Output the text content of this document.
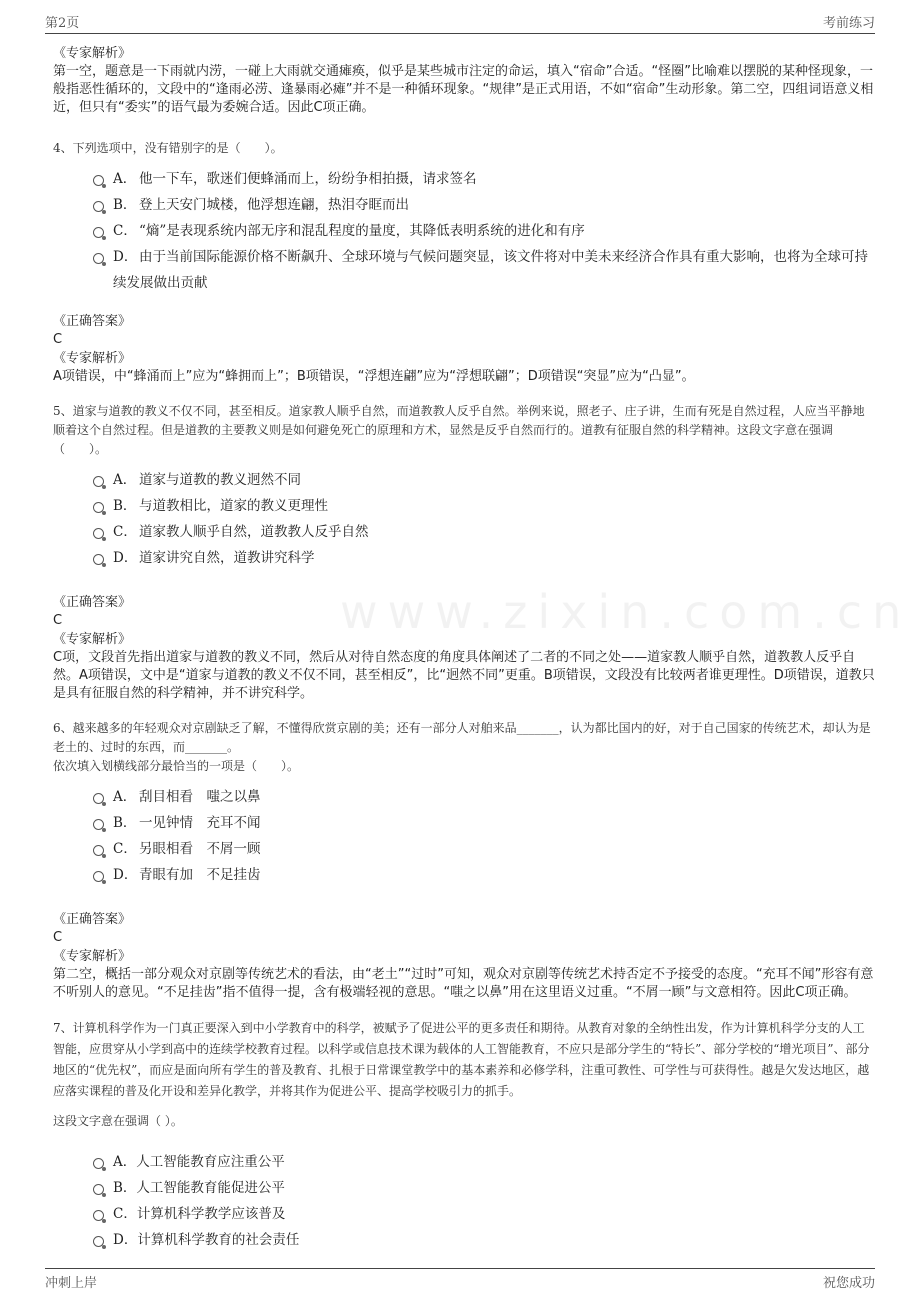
第2页	考前练习
www.zixin.com.cn

《专家解析》

第一空，题意是一下雨就内涝，一碰上大雨就交通瘫痪，似乎是某些城市注定的命运，填入“宿命”合适。“怪圈”比喻难以摆脱的某种怪现象，一般指恶性循环的，文段中的“逢雨必涝、逢暴雨必瘫”并不是一种循环现象。“规律”是正式用语，不如“宿命”生动形象。第二空，四组词语意义相近，但只有“委实”的语气最为委婉合适。因此C项正确。

4、下列选项中，没有错别字的是（　　）。

A． 他一下车，歌迷们便蜂涌而上，纷纷争相拍摄，请求签名

B． 登上天安门城楼，他浮想连翩，热泪夺眶而出

C． “熵”是表现系统内部无序和混乱程度的量度，其降低表明系统的进化和有序

D． 由于当前国际能源价格不断飙升、全球环境与气候问题突显，该文件将对中美未来经济合作具有重大影响，也将为全球可持续发展做出贡献

《正确答案》

C

《专家解析》

A项错误，中“蜂涌而上”应为“蜂拥而上”；B项错误，“浮想连翩”应为“浮想联翩”；D项错误“突显”应为“凸显”。

5、道家与道教的教义不仅不同，甚至相反。道家教人顺乎自然，而道教教人反乎自然。举例来说，照老子、庄子讲，生而有死是自然过程，人应当平静地顺着这个自然过程。但是道教的主要教义则是如何避免死亡的原理和方术，显然是反乎自然而行的。道教有征服自然的科学精神。这段文字意在强调（　　）。

A． 道家与道教的教义迥然不同

B． 与道教相比，道家的教义更理性

C． 道家教人顺乎自然，道教教人反乎自然

D． 道家讲究自然，道教讲究科学

《正确答案》

C

《专家解析》

C项，文段首先指出道家与道教的教义不同，然后从对待自然态度的角度具体阐述了二者的不同之处——道家教人顺乎自然，道教教人反乎自然。A项错误，文中是“道家与道教的教义不仅不同，甚至相反”，比“迥然不同”更重。B项错误，文段没有比较两者谁更理性。D项错误，道教只是具有征服自然的科学精神，并不讲究科学。

6、越来越多的年轻观众对京剧缺乏了解，不懂得欣赏京剧的美；还有一部分人对舶来品_______，认为都比国内的好，对于自己国家的传统艺术，却认为是老土的、过时的东西，而_______。

依次填入划横线部分最恰当的一项是（　　）。

A． 刮目相看　嗤之以鼻

B． 一见钟情　充耳不闻

C． 另眼相看　不屑一顾

D． 青眼有加　不足挂齿

《正确答案》

C

《专家解析》

第二空，概括一部分观众对京剧等传统艺术的看法，由“老土”“过时”可知，观众对京剧等传统艺术持否定不予接受的态度。“充耳不闻”形容有意不听别人的意见。“不足挂齿”指不值得一提，含有极端轻视的意思。“嗤之以鼻”用在这里语义过重。“不屑一顾”与文意相符。因此C项正确。

7、计算机科学作为一门真正要深入到中小学教育中的科学，被赋予了促进公平的更多责任和期待。从教育对象的全纳性出发，作为计算机科学分支的人工智能，应贯穿从小学到高中的连续学校教育过程。以科学或信息技术课为载体的人工智能教育，不应只是部分学生的“特长”、部分学校的“增光项目”、部分地区的“优先权”，而应是面向所有学生的普及教育、扎根于日常课堂教学中的基本素养和必修学科，注重可教性、可学性与可获得性。越是欠发达地区，越应落实课程的普及化开设和差异化教学，并将其作为促进公平、提高学校吸引力的抓手。

这段文字意在强调（ ）。

A．人工智能教育应注重公平

B．人工智能教育能促进公平

C．计算机科学教学应该普及

D．计算机科学教育的社会责任

冲刺上岸	祝您成功
